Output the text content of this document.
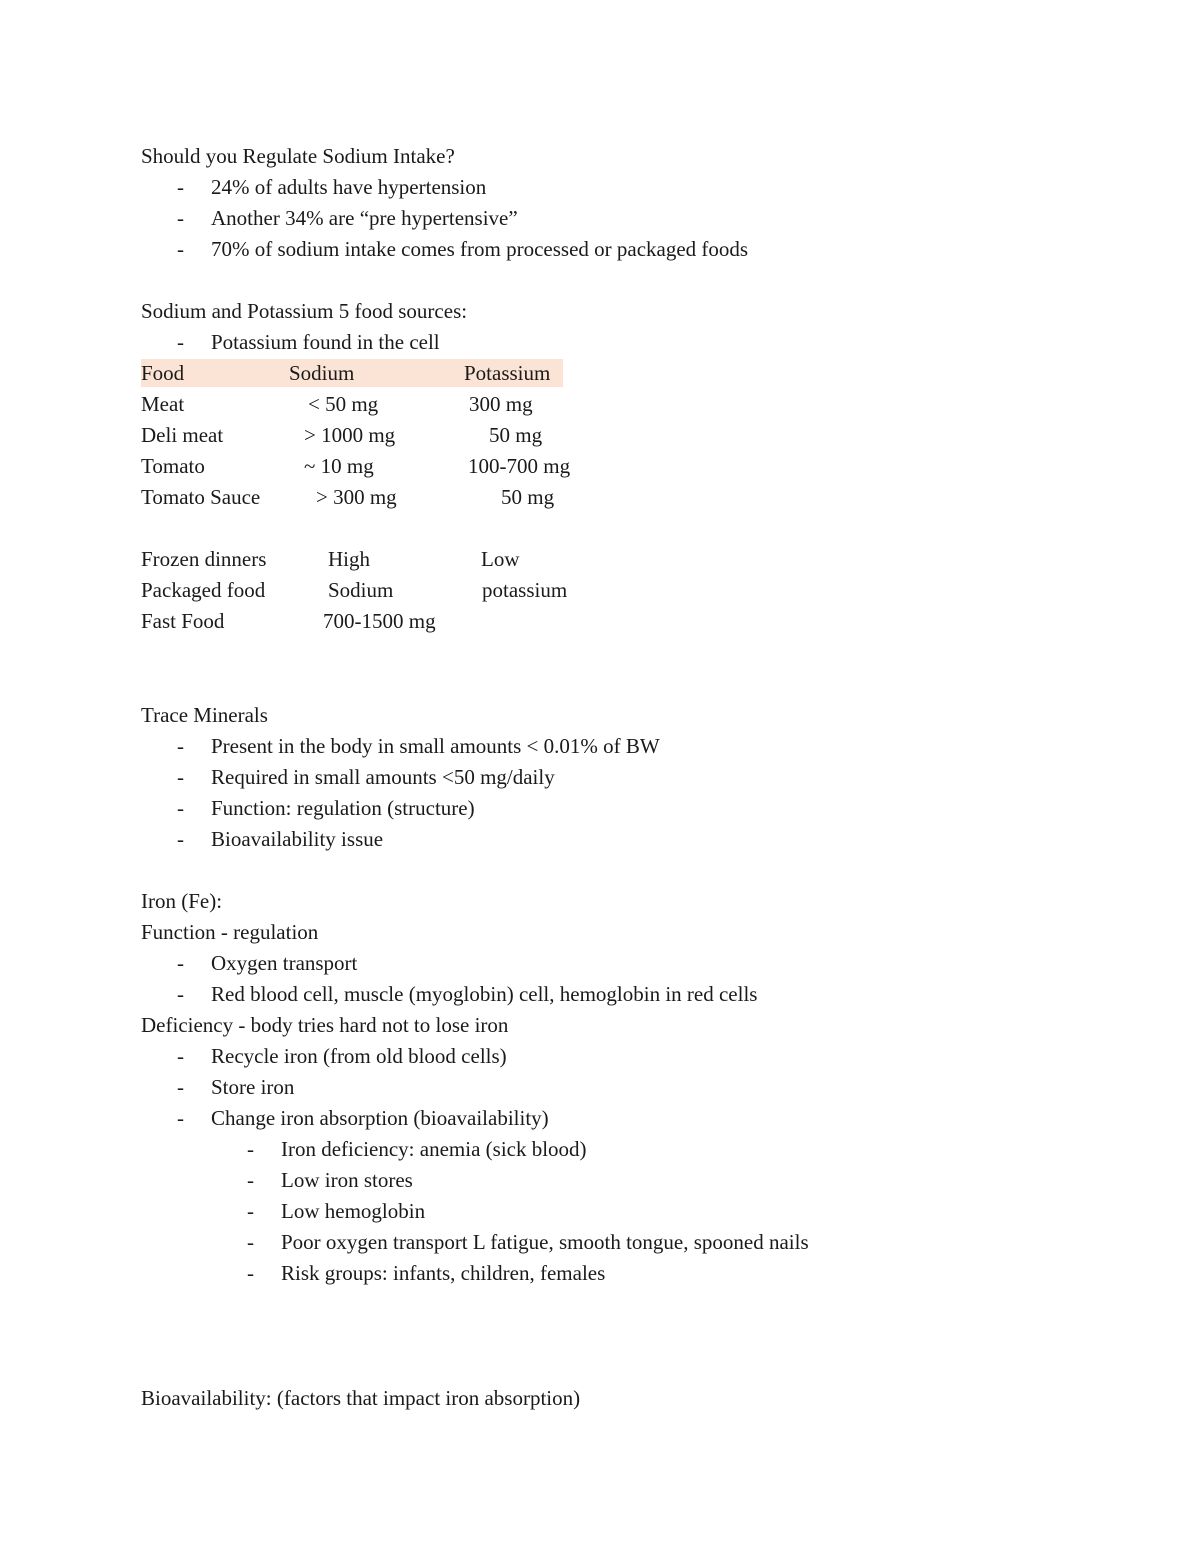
Should you Regulate Sodium Intake?
- 24% of adults have hypertension
- Another 34% are “pre hypertensive”
- 70% of sodium intake comes from processed or packaged foods
Sodium and Potassium 5 food sources:
- Potassium found in the cell
Food	Sodium	Potassium
Meat	< 50 mg	300 mg
Deli meat	> 1000 mg	50 mg
Tomato	~ 10 mg	100-700 mg
Tomato Sauce	> 300 mg	50 mg
Frozen dinners	High	Low
Packaged food	Sodium	potassium
Fast Food	700-1500 mg
Trace Minerals
- Present in the body in small amounts < 0.01% of BW
- Required in small amounts <50 mg/daily
- Function: regulation (structure)
- Bioavailability issue
Iron (Fe):
Function - regulation
- Oxygen transport
- Red blood cell, muscle (myoglobin) cell, hemoglobin in red cells
Deficiency - body tries hard not to lose iron
- Recycle iron (from old blood cells)
- Store iron
- Change iron absorption (bioavailability)
- Iron deficiency: anemia (sick blood)
- Low iron stores
- Low hemoglobin
- Poor oxygen transport L fatigue, smooth tongue, spooned nails
- Risk groups: infants, children, females
Bioavailability: (factors that impact iron absorption)
